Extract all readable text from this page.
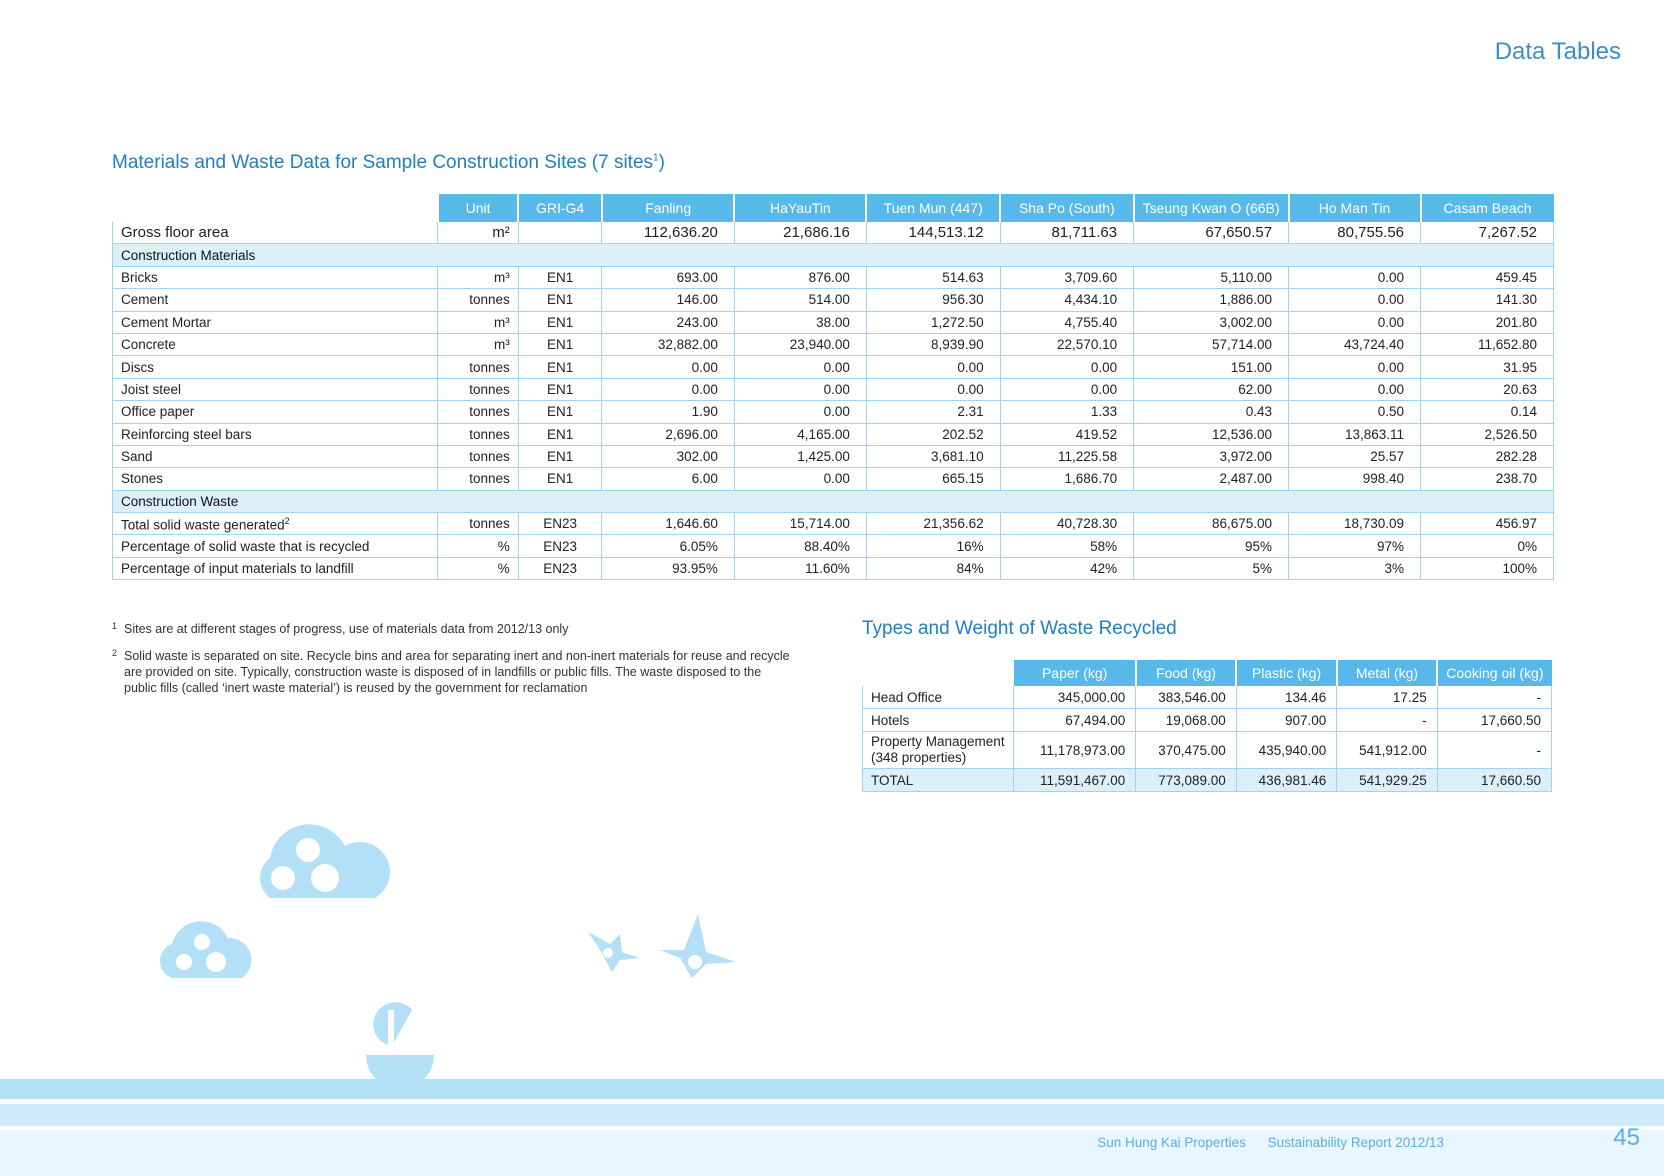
Data Tables
Materials and Waste Data for Sample Construction Sites (7 sites$^1$)
	Unit	GRI-G4	Fanling	HaYauTin	Tuen Mun (447)	Sha Po (South)	Tseung Kwan O (66B)	Ho Man Tin	Casam Beach
Gross floor area	m²		112,636.20	21,686.16	144,513.12	81,711.63	67,650.57	80,755.56	7,267.52
Construction Materials									
Bricks	m³	EN1	693.00	876.00	514.63	3,709.60	5,110.00	0.00	459.45
Cement	tonnes	EN1	146.00	514.00	956.30	4,434.10	1,886.00	0.00	141.30
Cement Mortar	m³	EN1	243.00	38.00	1,272.50	4,755.40	3,002.00	0.00	201.80
Concrete	m³	EN1	32,882.00	23,940.00	8,939.90	22,570.10	57,714.00	43,724.40	11,652.80
Discs	tonnes	EN1	0.00	0.00	0.00	0.00	151.00	0.00	31.95
Joist steel	tonnes	EN1	0.00	0.00	0.00	0.00	62.00	0.00	20.63
Office paper	tonnes	EN1	1.90	0.00	2.31	1.33	0.43	0.50	0.14
Reinforcing steel bars	tonnes	EN1	2,696.00	4,165.00	202.52	419.52	12,536.00	13,863.11	2,526.50
Sand	tonnes	EN1	302.00	1,425.00	3,681.10	11,225.58	3,972.00	25.57	282.28
Stones	tonnes	EN1	6.00	0.00	665.15	1,686.70	2,487.00	998.40	238.70
Construction Waste									
Total solid waste generated$^2$	tonnes	EN23	1,646.60	15,714.00	21,356.62	40,728.30	86,675.00	18,730.09	456.97
Percentage of solid waste that is recycled	%	EN23	6.05%	88.40%	16%	58%	95%	97%	0%
Percentage of input materials to landfill	%	EN23	93.95%	11.60%	84%	42%	5%	3%	100%
Types and Weight of Waste Recycled
	Paper (kg)	Food (kg)	Plastic (kg)	Metal (kg)	Cooking oil (kg)

Head Office	345,000.00	383,546.00	134.46	17.25	-

Hotels	67,494.00	19,068.00	907.00	-	17,660.50

Property Management
(348 properties)	11,178,973.00	370,475.00	435,940.00	541,912.00	-
TOTAL	11,591,467.00	773,089.00	436,981.46	541,929.25	17,660.50
1 Sites are at different stages of progress, use of materials data from 2012/13 only
2 Solid waste is separated on site. Recycle bins and area for separating inert and non-inert materials for reuse and recycle are provided on site. Typically, construction waste is disposed of in landfills or public fills. The waste disposed to the public fills (called ‘inert waste material’) is reused by the government for reclamation
Sun Hung Kai Properties Sustainability Report 2012/13	45
